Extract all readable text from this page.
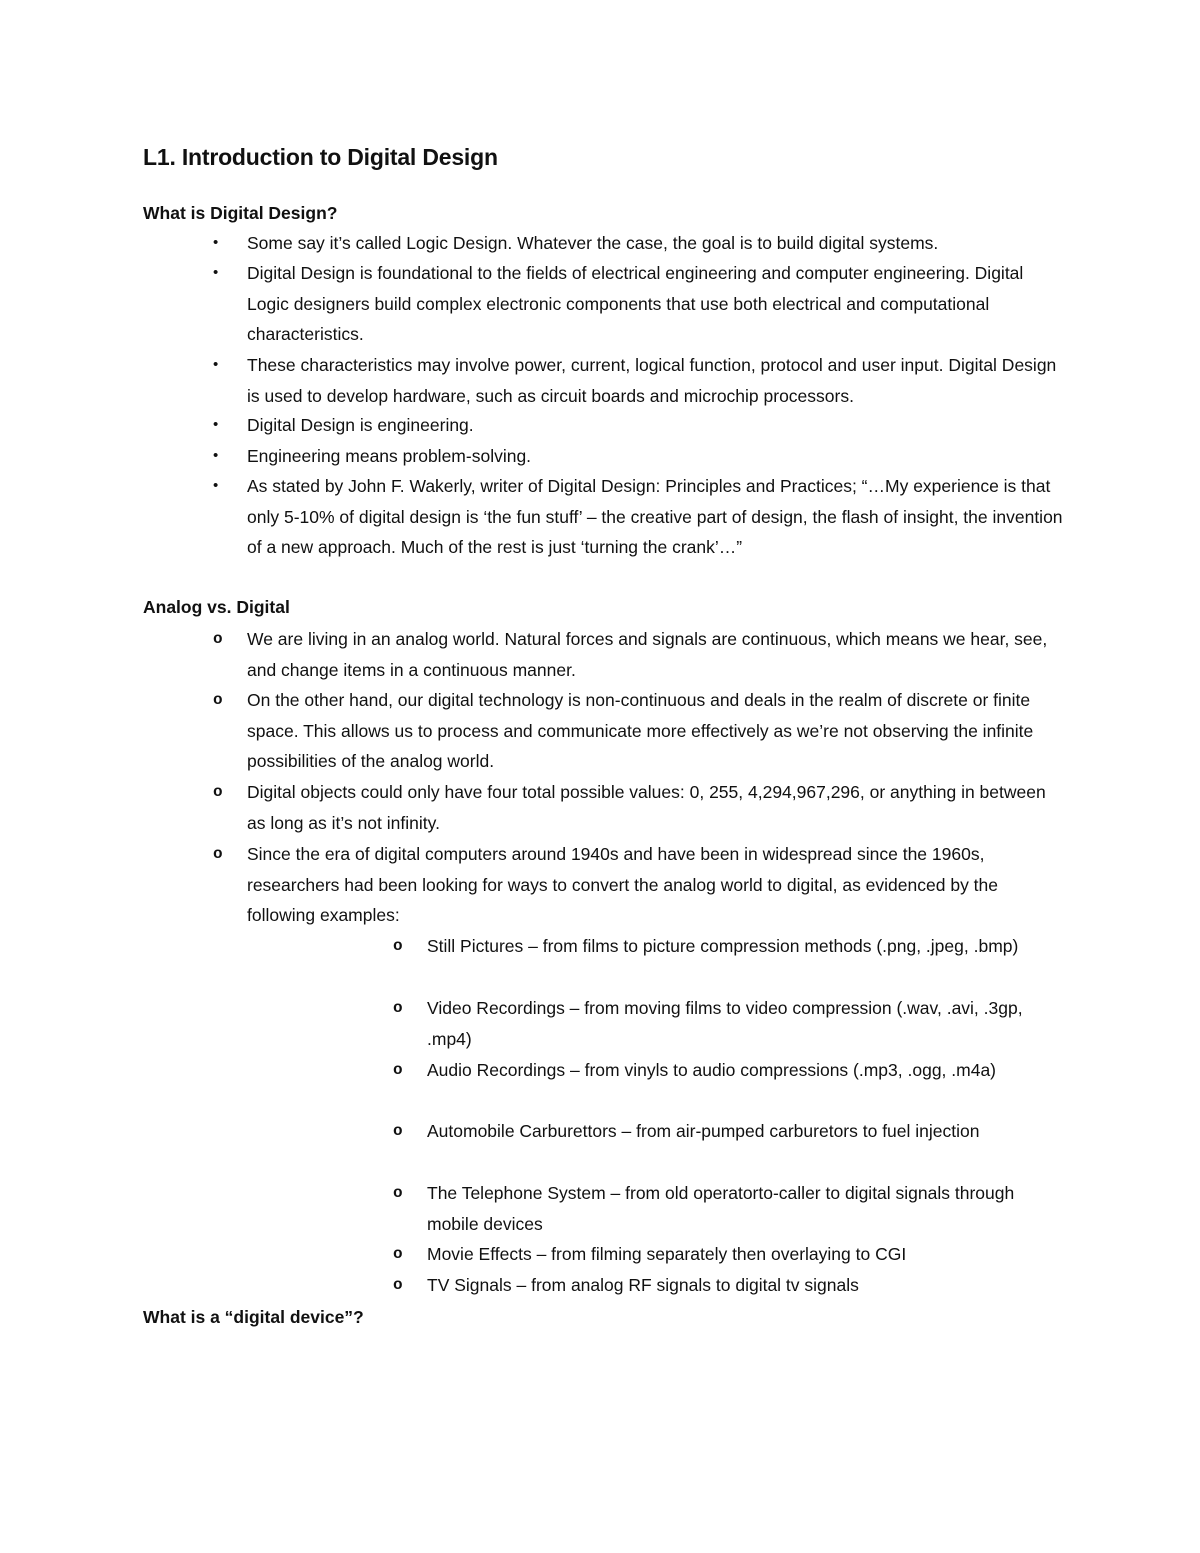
L1. Introduction to Digital Design
What is Digital Design?
• Some say it’s called Logic Design. Whatever the case, the goal is to build digital systems.
• Digital Design is foundational to the fields of electrical engineering and computer engineering. Digital Logic designers build complex electronic components that use both electrical and computational characteristics.
• These characteristics may involve power, current, logical function, protocol and user input. Digital Design is used to develop hardware, such as circuit boards and microchip processors.
• Digital Design is engineering.
• Engineering means problem-solving.
• As stated by John F. Wakerly, writer of Digital Design: Principles and Practices; “…My experience is that only 5-10% of digital design is ‘the fun stuff’ – the creative part of design, the flash of insight, the invention of a new approach. Much of the rest is just ‘turning the crank’…”
Analog vs. Digital
o We are living in an analog world. Natural forces and signals are continuous, which means we hear, see, and change items in a continuous manner.
o On the other hand, our digital technology is non-continuous and deals in the realm of discrete or finite space. This allows us to process and communicate more effectively as we’re not observing the infinite possibilities of the analog world.
o Digital objects could only have four total possible values: 0, 255, 4,294,967,296, or anything in between as long as it’s not infinity.
o Since the era of digital computers around 1940s and have been in widespread since the 1960s, researchers had been looking for ways to convert the analog world to digital, as evidenced by the following examples:
o Still Pictures – from films to picture compression methods (.png, .jpeg, .bmp)
o Video Recordings – from moving films to video compression (.wav, .avi, .3gp, .mp4)
o Audio Recordings – from vinyls to audio compressions (.mp3, .ogg, .m4a)
o Automobile Carburettors – from air-pumped carburetors to fuel injection
o The Telephone System – from old operatorto-caller to digital signals through mobile devices
o Movie Effects – from filming separately then overlaying to CGI
o TV Signals – from analog RF signals to digital tv signals
What is a “digital device”?
